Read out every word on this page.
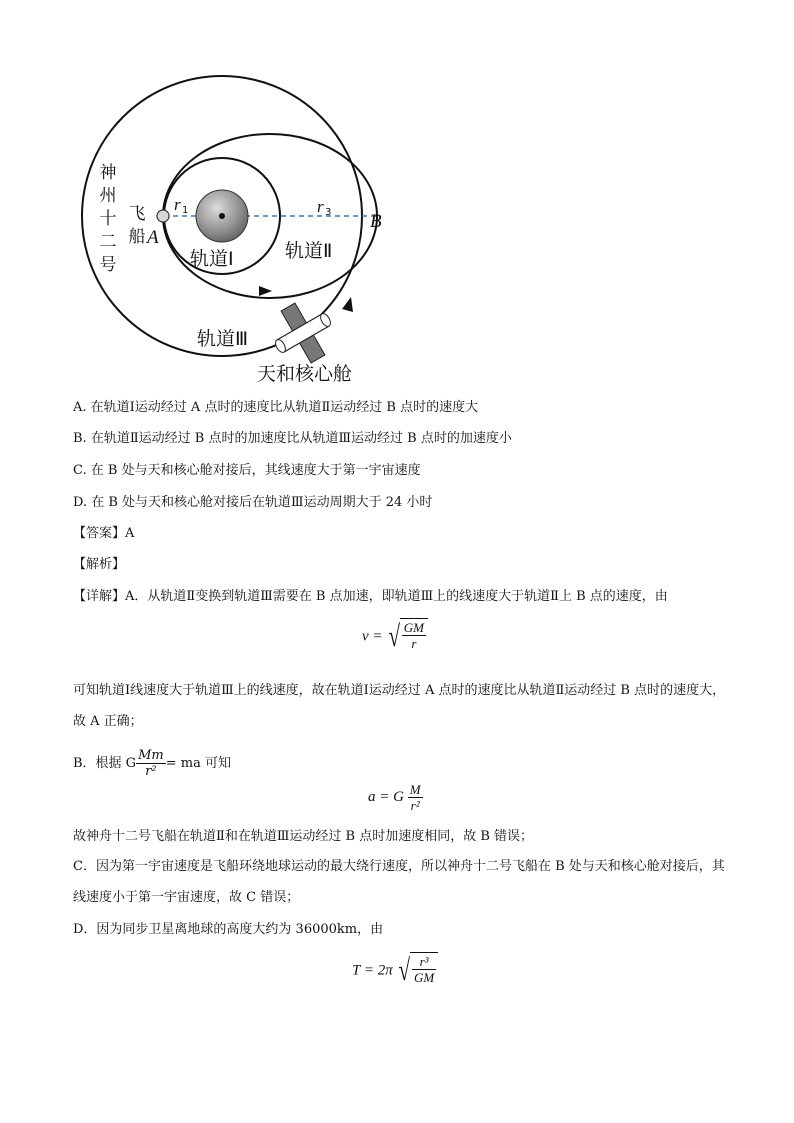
神
州
十
二
号
飞
船 A
B
r 1	r 3
轨道Ⅰ	轨道Ⅱ
轨道Ⅲ
天和核心舱
A. 在轨道Ⅰ运动经过 A 点时的速度比从轨道Ⅱ运动经过 B 点时的速度大
B. 在轨道Ⅱ运动经过 B 点时的加速度比从轨道Ⅲ运动经过 B 点时的加速度小
C. 在 B 处与天和核心舱对接后，其线速度大于第一宇宙速度
D. 在 B 处与天和核心舱对接后在轨道Ⅲ运动周期大于 24 小时
【答案】A
【解析】
【详解】A．从轨道Ⅱ变换到轨道Ⅲ需要在 B 点加速，即轨道Ⅲ上的线速度大于轨道Ⅱ上 B 点的速度，由
v = √ $\frac{GM}{r}$
可知轨道Ⅰ线速度大于轨道Ⅲ上的线速度，故在轨道Ⅰ运动经过 A 点时的速度比从轨道Ⅱ运动经过 B 点时的速度大，故 A 正确；
B．根据 G $\frac{Mm}{\text{r²}}$ = ma 可知
a = G $\frac{M}{\text{r²}}$
故神舟十二号飞船在轨道Ⅱ和在轨道Ⅲ运动经过 B 点时加速度相同，故 B 错误；
C．因为第一宇宙速度是飞船环绕地球运动的最大绕行速度，所以神舟十二号飞船在 B 处与天和核心舱对接后，其线速度小于第一宇宙速度，故 C 错误；
D．因为同步卫星离地球的高度大约为 36000km，由
T = 2π √ $\frac{\text{r³}}{GM}$
